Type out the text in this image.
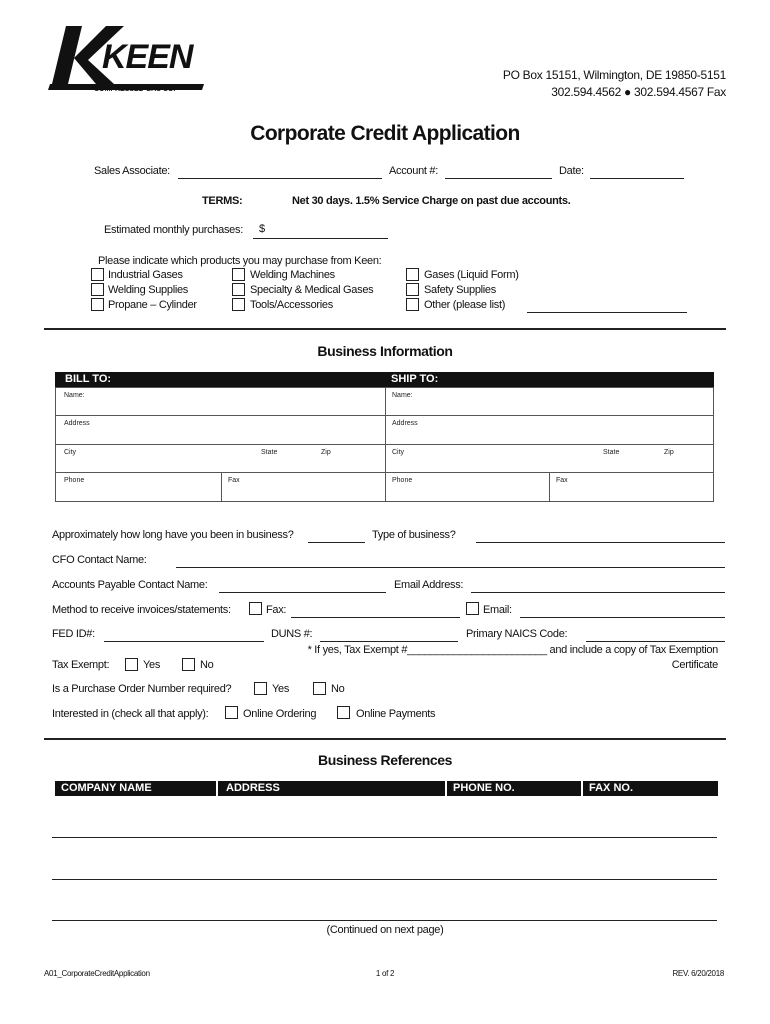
KEEN
COMPRESSED GAS CO.
PO Box 15151, Wilmington, DE 19850-5151
302.594.4562 ● 302.594.4567 Fax
Corporate Credit Application
Sales Associate:	Account #:	Date:
TERMS:	Net 30 days. 1.5% Service Charge on past due accounts.
Estimated monthly purchases: $
Please indicate which products you may purchase from Keen:
Industrial Gases
Welding Supplies
Propane – Cylinder
Welding Machines
Specialty & Medical Gases
Tools/Accessories
Gases (Liquid Form)
Safety Supplies
Other (please list)
Business Information
BILL TO:	SHIP TO:
Name:
Address
City	State	Zip
Phone	Fax
Name:
Address
City	State	Zip
Phone	Fax
Approximately how long have you been in business?	Type of business?
CFO Contact Name:
Accounts Payable Contact Name:	Email Address:
Method to receive invoices/statements:	Fax:	Email:
FED ID#:	DUNS #:	Primary NAICS Code:
* If yes, Tax Exempt #________________________ and include a copy of Tax Exemption
Certificate
Tax Exempt:	Yes	No
Is a Purchase Order Number required?	Yes	No
Interested in (check all that apply):	Online Ordering	Online Payments
Business References
COMPANY NAME	ADDRESS	PHONE NO.	FAX NO.
(Continued on next page)
A01_CorporateCreditApplication	1 of 2	REV. 6/20/2018
